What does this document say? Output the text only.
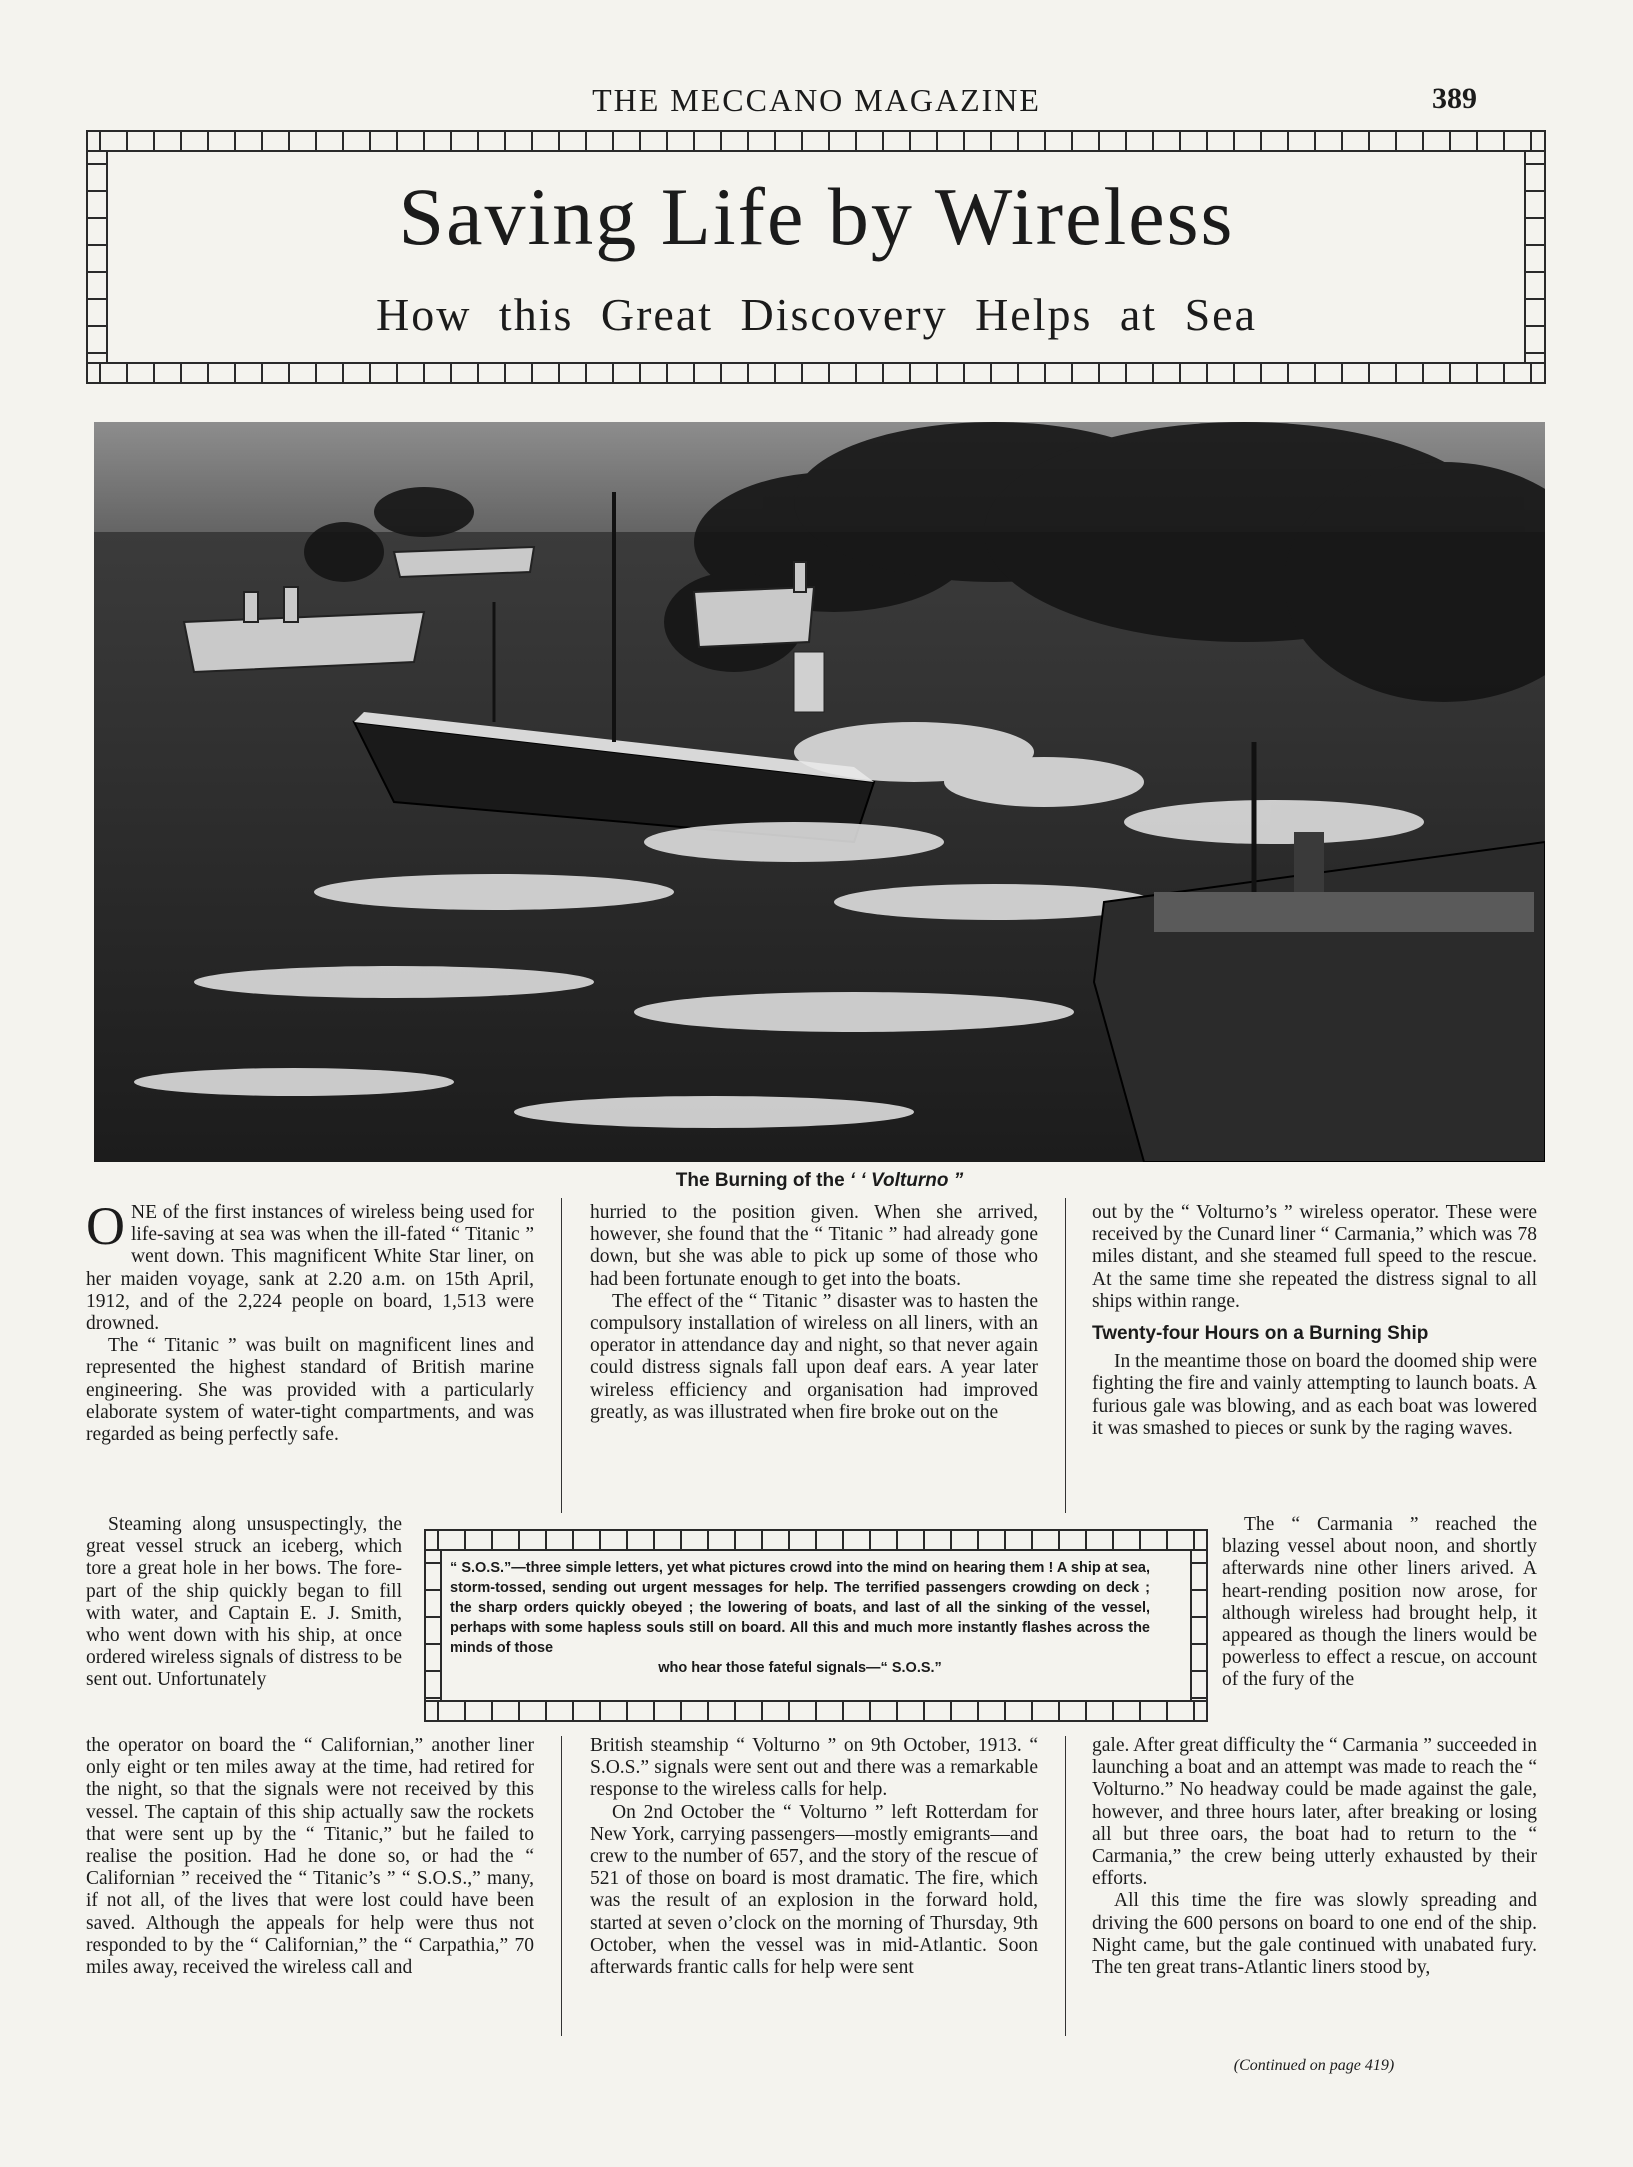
THE MECCANO MAGAZINE	389
Saving Life by Wireless
How this Great Discovery Helps at Sea
The Burning of the ‘ ‘ Volturno ”

ONE of the first instances of wireless being used for life-saving at sea was when the ill-fated “ Titanic ” went down. This magnificent White Star liner, on her maiden voyage, sank at 2.20 a.m. on 15th April, 1912, and of the 2,224 people on board, 1,513 were drowned.

The “ Titanic ” was built on magnificent lines and represented the highest standard of British marine engineering. She was provided with a particularly elaborate system of water-tight compartments, and was regarded as being perfectly safe.

Steaming along unsuspectingly, the great vessel struck an iceberg, which tore a great hole in her bows. The fore-part of the ship quickly began to fill with water, and Captain E. J. Smith, who went down with his ship, at once ordered wireless signals of distress to be sent out. Unfortunately

the operator on board the “ Californian,” another liner only eight or ten miles away at the time, had retired for the night, so that the signals were not received by this vessel. The captain of this ship actually saw the rockets that were sent up by the “ Titanic,” but he failed to realise the position. Had he done so, or had the “ Californian ” received the “ Titanic’s ” “ S.O.S.,” many, if not all, of the lives that were lost could have been saved. Although the appeals for help were thus not responded to by the “ Californian,” the “ Carpathia,” 70 miles away, received the wireless call and

hurried to the position given. When she arrived, however, she found that the “ Titanic ” had already gone down, but she was able to pick up some of those who had been fortunate enough to get into the boats.

The effect of the “ Titanic ” disaster was to hasten the compulsory installation of wireless on all liners, with an operator in attendance day and night, so that never again could distress signals fall upon deaf ears. A year later wireless efficiency and organisation had improved greatly, as was illustrated when fire broke out on the

British steamship “ Volturno ” on 9th October, 1913. “ S.O.S.” signals were sent out and there was a remarkable response to the wireless calls for help.

On 2nd October the “ Volturno ” left Rotterdam for New York, carrying passengers—mostly emigrants—and crew to the number of 657, and the story of the rescue of 521 of those on board is most dramatic. The fire, which was the result of an explosion in the forward hold, started at seven o’clock on the morning of Thursday, 9th October, when the vessel was in mid-Atlantic. Soon afterwards frantic calls for help were sent

out by the “ Volturno’s ” wireless operator. These were received by the Cunard liner “ Carmania,” which was 78 miles distant, and she steamed full speed to the rescue. At the same time she repeated the distress signal to all ships within range.

Twenty-four Hours on a Burning Ship

In the meantime those on board the doomed ship were fighting the fire and vainly attempting to launch boats. A furious gale was blowing, and as each boat was lowered it was smashed to pieces or sunk by the raging waves.

The “ Carmania ” reached the blazing vessel about noon, and shortly afterwards nine other liners arived. A heart-rending position now arose, for although wireless had brought help, it appeared as though the liners would be powerless to effect a rescue, on account of the fury of the

gale. After great difficulty the “ Carmania ” succeeded in launching a boat and an attempt was made to reach the “ Volturno.” No headway could be made against the gale, however, and three hours later, after breaking or losing all but three oars, the boat had to return to the “ Carmania,” the crew being utterly exhausted by their efforts.

All this time the fire was slowly spreading and driving the 600 persons on board to one end of the ship. Night came, but the gale continued with unabated fury. The ten great trans-Atlantic liners stood by,

“ S.O.S.”—three simple letters, yet what pictures crowd into the mind on hearing them ! A ship at sea, storm-tossed, sending out urgent messages for help. The terrified passengers crowding on deck ; the sharp orders quickly obeyed ; the lowering of boats, and last of all the sinking of the vessel, perhaps with some hapless souls still on board. All this and much more instantly flashes across the minds of those
who hear those fateful signals—“ S.O.S.”
(Continued on page 419)
